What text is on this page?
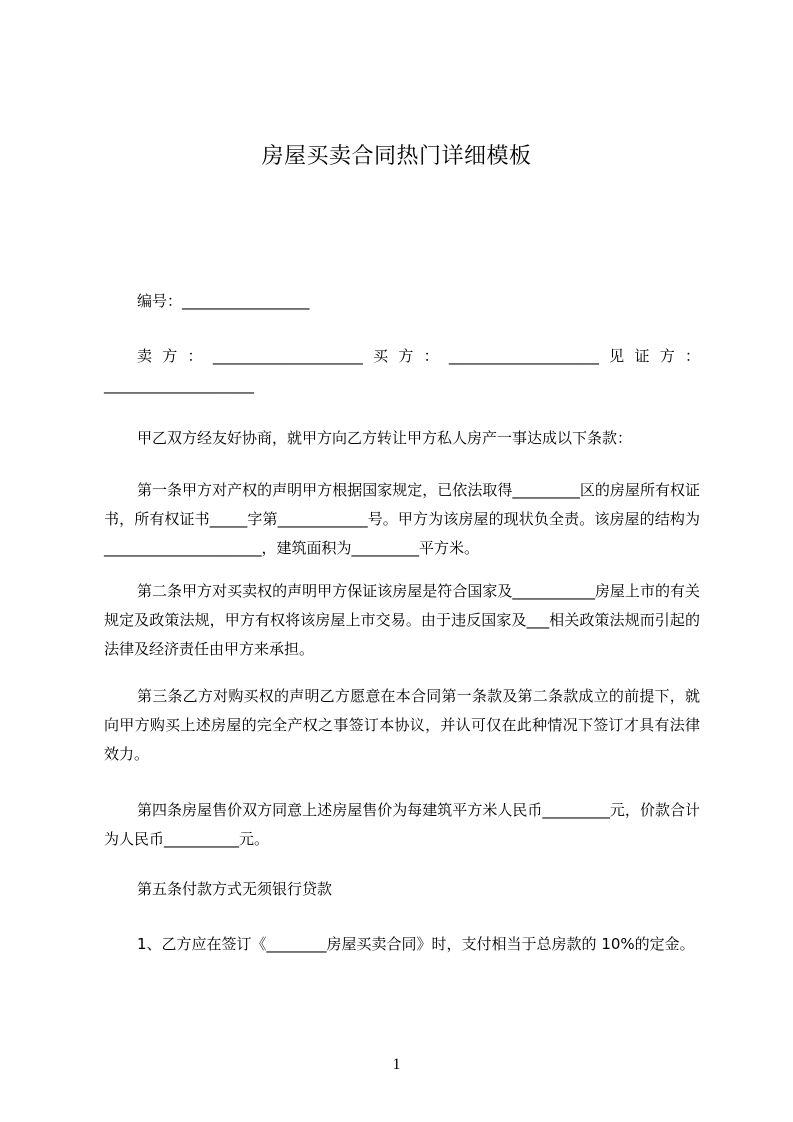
房屋买卖合同热门详细模板

编号：_________________

卖方：____________________买方：____________________见证方：____________________

甲乙双方经友好协商，就甲方向乙方转让甲方私人房产一事达成以下条款：

第一条甲方对产权的声明甲方根据国家规定，已依法取得_________区的房屋所有权证书，所有权证书_____字第____________号。甲方为该房屋的现状负全责。该房屋的结构为_____________________，建筑面积为_________平方米。

第二条甲方对买卖权的声明甲方保证该房屋是符合国家及___________房屋上市的有关规定及政策法规，甲方有权将该房屋上市交易。由于违反国家及___相关政策法规而引起的法律及经济责任由甲方来承担。

第三条乙方对购买权的声明乙方愿意在本合同第一条款及第二条款成立的前提下，就向甲方购买上述房屋的完全产权之事签订本协议，并认可仅在此种情况下签订才具有法律效力。

第四条房屋售价双方同意上述房屋售价为每建筑平方米人民币_________元，价款合计为人民币__________元。

第五条付款方式无须银行贷款

1、乙方应在签订《________房屋买卖合同》时，支付相当于总房款的 10%的定金。

1
